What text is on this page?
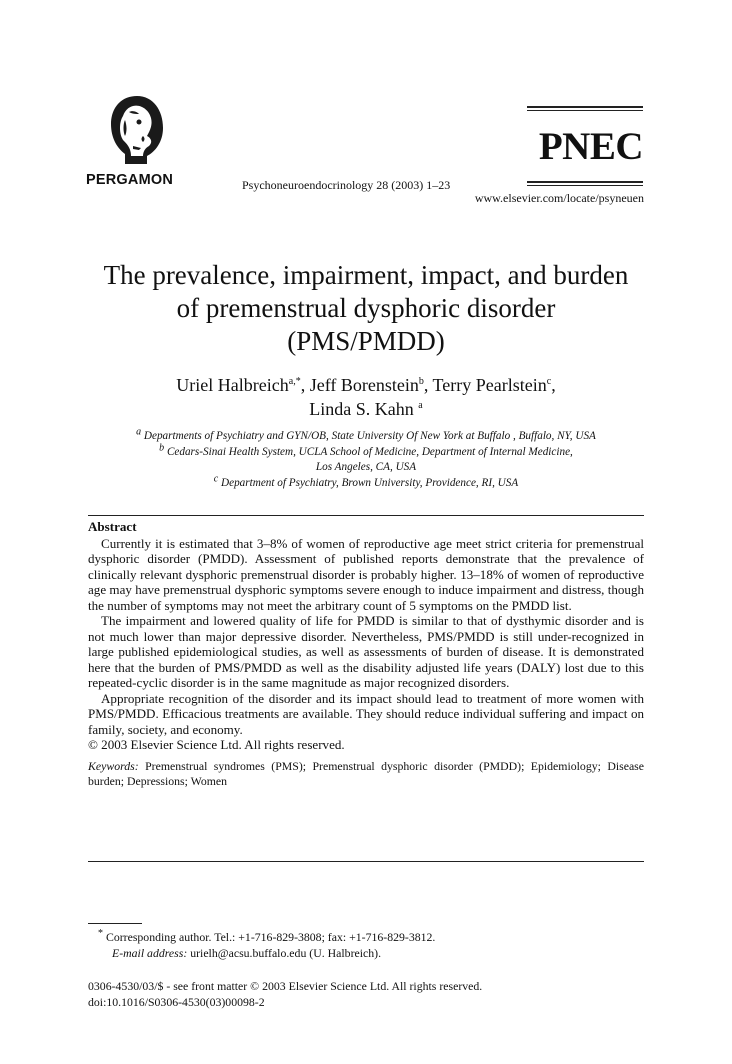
PERGAMON
PNEC
Psychoneuroendocrinology 28 (2003) 1–23
www.elsevier.com/locate/psyneuen
The prevalence, impairment, impact, and burden
of premenstrual dysphoric disorder
(PMS/PMDD)
Uriel Halbreich$^{a,*}$, Jeff Borenstein$^b$, Terry Pearlstein$^c$,
Linda S. Kahn $^a$
$^a$ Departments of Psychiatry and GYN/OB, State University Of New York at Buffalo , Buffalo, NY, USA
$^b$ Cedars-Sinai Health System, UCLA School of Medicine, Department of Internal Medicine,
Los Angeles, CA, USA
$^c$ Department of Psychiatry, Brown University, Providence, RI, USA
Abstract

Currently it is estimated that 3–8% of women of reproductive age meet strict criteria for premenstrual dysphoric disorder (PMDD). Assessment of published reports demonstrate that the prevalence of clinically relevant dysphoric premenstrual disorder is probably higher. 13–18% of women of reproductive age may have premenstrual dysphoric symptoms severe enough to induce impairment and distress, though the number of symptoms may not meet the arbitrary count of 5 symptoms on the PMDD list.

The impairment and lowered quality of life for PMDD is similar to that of dysthymic disorder and is not much lower than major depressive disorder. Nevertheless, PMS/PMDD is still under-recognized in large published epidemiological studies, as well as assessments of burden of disease. It is demonstrated here that the burden of PMS/PMDD as well as the disability adjusted life years (DALY) lost due to this repeated-cyclic disorder is in the same magnitude as major recognized disorders.

Appropriate recognition of the disorder and its impact should lead to treatment of more women with PMS/PMDD. Efficacious treatments are available. They should reduce individual suffering and impact on family, society, and economy.

© 2003 Elsevier Science Ltd. All rights reserved.

Keywords: Premenstrual syndromes (PMS); Premenstrual dysphoric disorder (PMDD); Epidemiology; Disease burden; Depressions; Women
* Corresponding author. Tel.: +1-716-829-3808; fax: +1-716-829-3812.
E-mail address: urielh@acsu.buffalo.edu (U. Halbreich).
0306-4530/03/$ - see front matter © 2003 Elsevier Science Ltd. All rights reserved.
doi:10.1016/S0306-4530(03)00098-2
